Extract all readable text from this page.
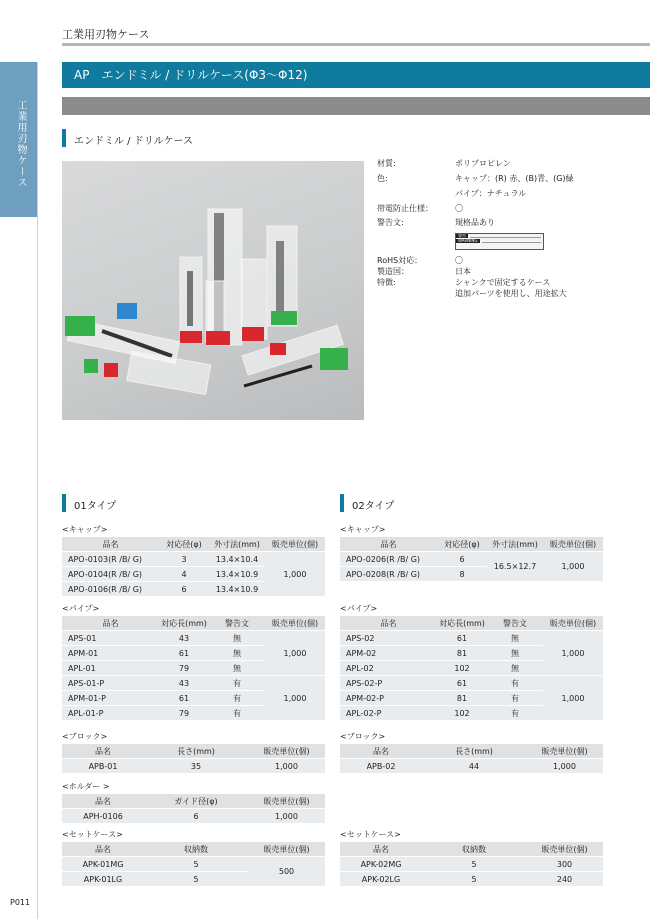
工業用刃物ケース
工業用刃物ケース
AP　エンドミル / ドリルケース(Φ3〜Φ12)
エンドミル / ドリルケース
材質:	ポリプロピレン
色:	キャップ：(R) 赤、(B)青、(G)緑
パイプ：ナチュラル
帯電防止仕様：	〇
警告文:	規格品あり
RoHS対応：	〇
製造国：	日本
特徴:	シャンクで固定するケース
追加パーツを使用し、用途拡大
警告
WARNING
01タイプ
<キャップ>
品名	対応径(φ)	外寸法(mm)	販売単位(個)
APO-0103(R /B/ G)	3	13.4×10.4	1,000
APO-0104(R /B/ G)	4	13.4×10.9	
APO-0106(R /B/ G)	6	13.4×10.9	
<パイプ>
品名	対応長(mm)	警告文	販売単位(個)
APS-01	43	無	1,000
APM-01	61	無	
APL-01	79	無	
APS-01-P	43	有	1,000
APM-01-P	61	有	
APL-01-P	79	有	
<ブロック>
品名	長さ(mm)	販売単位(個)
APB-01	35	1,000
<ホルダー >
品名	ガイド径(φ)	販売単位(個)
APH-0106	6	1,000
<セットケース>
品名	収納数	販売単位(個)
APK-01MG	5	500
APK-01LG	5	
02タイプ
<キャップ>
品名	対応径(φ)	外寸法(mm)	販売単位(個)
APO-0206(R /B/ G)	6	16.5×12.7	1,000
APO-0208(R /B/ G)	8		
<パイプ>
品名	対応長(mm)	警告文	販売単位(個)
APS-02	61	無	1,000
APM-02	81	無	
APL-02	102	無	
APS-02-P	61	有	1,000
APM-02-P	81	有	
APL-02-P	102	有	
<ブロック>
品名	長さ(mm)	販売単位(個)
APB-02	44	1,000
<セットケース>
品名	収納数	販売単位(個)
APK-02MG	5	300
APK-02LG	5	240
P011
